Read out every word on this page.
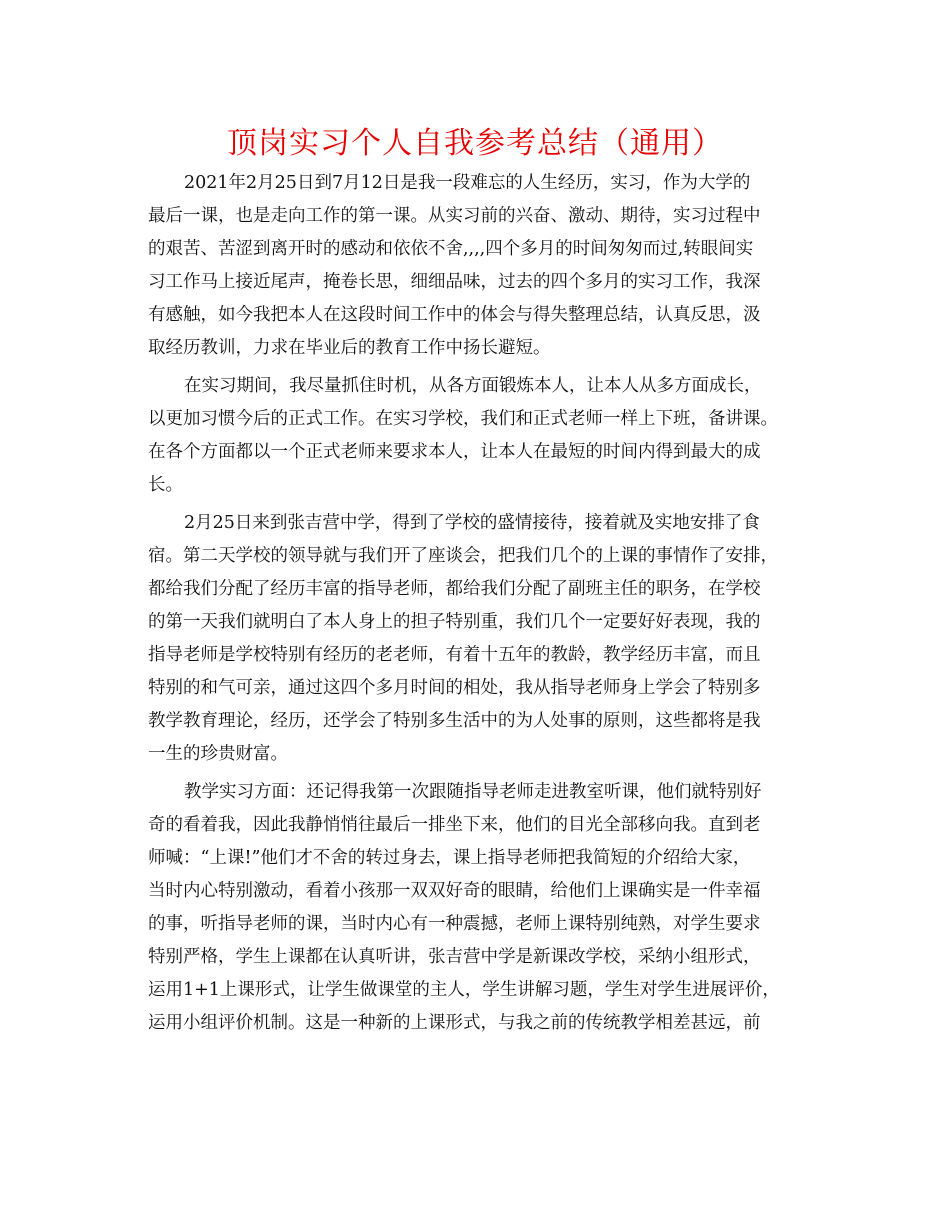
顶岗实习个人自我参考总结（通用）
2021年2月25日到7月12日是我一段难忘的人生经历，实习，作为大学的
最后一课，也是走向工作的第一课。从实习前的兴奋、激动、期待，实习过程中
的艰苦、苦涩到离开时的感动和依依不舍,,,,四个多月的时间匆匆而过,转眼间实
习工作马上接近尾声，掩卷长思，细细品味，过去的四个多月的实习工作，我深
有感触，如今我把本人在这段时间工作中的体会与得失整理总结，认真反思，汲
取经历教训，力求在毕业后的教育工作中扬长避短。
在实习期间，我尽量抓住时机，从各方面锻炼本人，让本人从多方面成长，
以更加习惯今后的正式工作。在实习学校，我们和正式老师一样上下班，备讲课。
在各个方面都以一个正式老师来要求本人，让本人在最短的时间内得到最大的成
长。
2月25日来到张吉营中学，得到了学校的盛情接待，接着就及实地安排了食
宿。第二天学校的领导就与我们开了座谈会，把我们几个的上课的事情作了安排，
都给我们分配了经历丰富的指导老师，都给我们分配了副班主任的职务，在学校
的第一天我们就明白了本人身上的担子特别重，我们几个一定要好好表现，我的
指导老师是学校特别有经历的老老师，有着十五年的教龄，教学经历丰富，而且
特别的和气可亲，通过这四个多月时间的相处，我从指导老师身上学会了特别多
教学教育理论，经历，还学会了特别多生活中的为人处事的原则，这些都将是我
一生的珍贵财富。
教学实习方面：还记得我第一次跟随指导老师走进教室听课，他们就特别好
奇的看着我，因此我静悄悄往最后一排坐下来，他们的目光全部移向我。直到老
师喊：“上课!”他们才不舍的转过身去，课上指导老师把我简短的介绍给大家，
当时内心特别激动，看着小孩那一双双好奇的眼睛，给他们上课确实是一件幸福
的事，听指导老师的课，当时内心有一种震撼，老师上课特别纯熟，对学生要求
特别严格，学生上课都在认真听讲，张吉营中学是新课改学校，采纳小组形式，
运用1+1上课形式，让学生做课堂的主人，学生讲解习题，学生对学生进展评价，
运用小组评价机制。这是一种新的上课形式，与我之前的传统教学相差甚远，前
